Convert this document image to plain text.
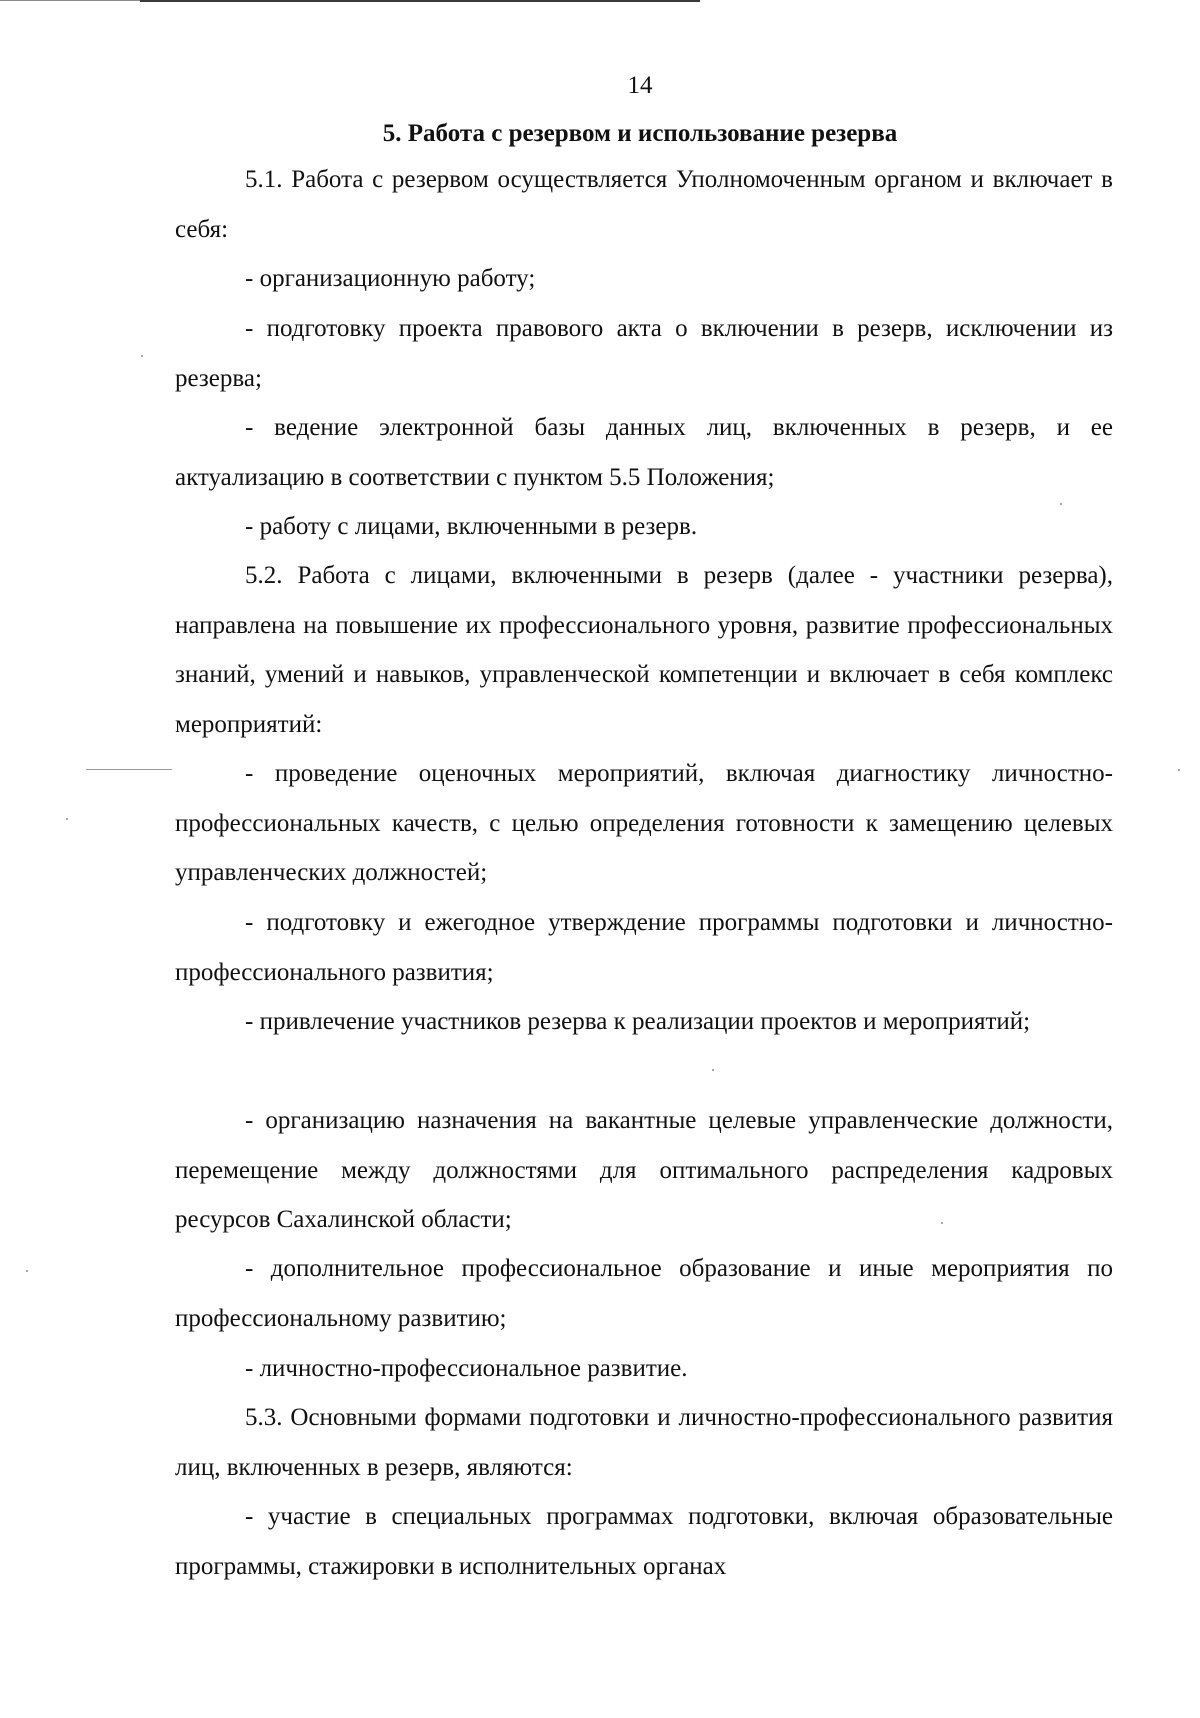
14
5. Работа с резервом и использование резерва
5.1. Работа с резервом осуществляется Уполномоченным органом и включает в себя:
- организационную работу;
- подготовку проекта правового акта о включении в резерв, исключении из резерва;
- ведение электронной базы данных лиц, включенных в резерв, и ее актуализацию в соответствии с пунктом 5.5 Положения;
- работу с лицами, включенными в резерв.
5.2. Работа с лицами, включенными в резерв (далее - участники резерва), направлена на повышение их профессионального уровня, развитие профессиональных знаний, умений и навыков, управленческой компетенции и включает в себя комплекс мероприятий:
- проведение оценочных мероприятий, включая диагностику личностно-профессиональных качеств, с целью определения готовности к замещению целевых управленческих должностей;
- подготовку и ежегодное утверждение программы подготовки и личностно-профессионального развития;
- привлечение участников резерва к реализации проектов и мероприятий;
- организацию назначения на вакантные целевые управленческие должности, перемещение между должностями для оптимального распределения кадровых ресурсов Сахалинской области;
- дополнительное профессиональное образование и иные мероприятия по профессиональному развитию;
- личностно-профессиональное развитие.
5.3. Основными формами подготовки и личностно-профессионального развития лиц, включенных в резерв, являются:
- участие в специальных программах подготовки, включая образовательные программы, стажировки в исполнительных органах
